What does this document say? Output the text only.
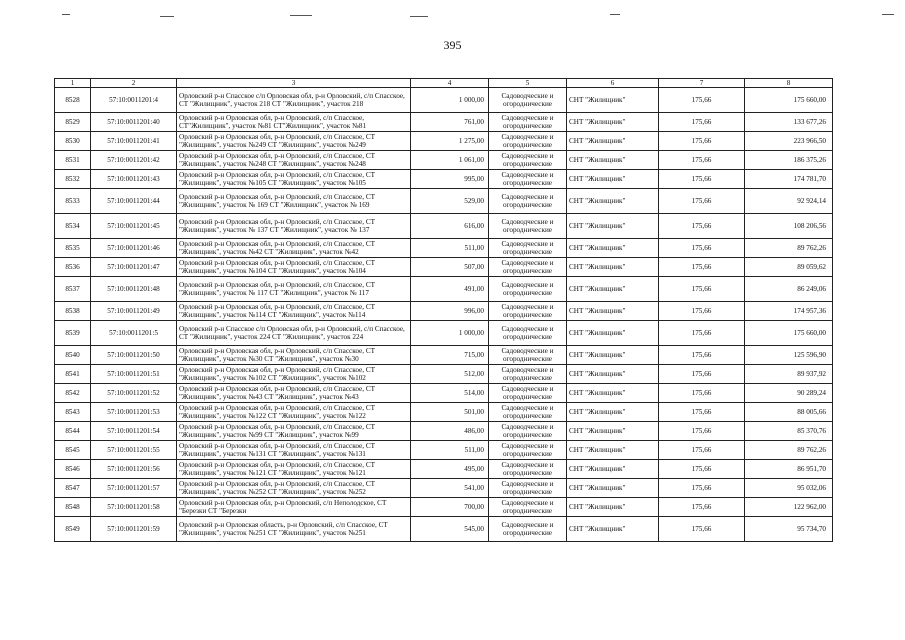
395
1	2	3	4	5	6	7	8
8528	57:10:0011201:4	Орловский р-н Спасское с/п Орловская обл, р-н Орловский, с/п Спасское, СТ "Жилищник", участок 218 СТ "Жилищник", участок 218	1 000,00	Садоводческие и огороднические	СНТ "Жилищник"	175,66	175 660,00
8529	57:10:0011201:40	Орловский р-н Орловская обл, р-н Орловский, с/п Спасское, СТ"Жилищник", участок №81 СТ"Жилищник", участок №81	761,00	Садоводческие и огороднические	СНТ "Жилищник"	175,66	133 677,26
8530	57:10:0011201:41	Орловский р-н Орловская обл, р-н Орловский, с/п Спасское, СТ "Жилищник", участок №249 СТ "Жилищник", участок №249	1 275,00	Садоводческие и огороднические	СНТ "Жилищник"	175,66	223 966,50
8531	57:10:0011201:42	Орловский р-н Орловская обл, р-н Орловский, с/п Спасское, СТ "Жилищник", участок №248 СТ "Жилищник", участок №248	1 061,00	Садоводческие и огороднические	СНТ "Жилищник"	175,66	186 375,26
8532	57:10:0011201:43	Орловский р-н Орловская обл, р-н Орловский, с/п Спасское, СТ "Жилищник", участок №105 СТ "Жилищник", участок №105	995,00	Садоводческие и огороднические	СНТ "Жилищник"	175,66	174 781,70
8533	57:10:0011201:44	Орловский р-н Орловская обл, р-н Орловский, с/п Спасское, СТ "Жилищник", участок № 169 СТ "Жилищник", участок № 169	529,00	Садоводческие и огороднические	СНТ "Жилищник"	175,66	92 924,14
8534	57:10:0011201:45	Орловский р-н Орловская обл, р-н Орловский, с/п Спасское, СТ "Жилищник", участок № 137 СТ "Жилищник", участок № 137	616,00	Садоводческие и огороднические	СНТ "Жилищник"	175,66	108 206,56
8535	57:10:0011201:46	Орловский р-н Орловская обл, р-н Орловский, с/п Спасское, СТ "Жилищник", участок №42 СТ "Жилищник", участок №42	511,00	Садоводческие и огороднические	СНТ "Жилищник"	175,66	89 762,26
8536	57:10:0011201:47	Орловский р-н Орловская обл, р-н Орловский, с/п Спасское, СТ "Жилищник", участок №104 СТ "Жилищник", участок №104	507,00	Садоводческие и огороднические	СНТ "Жилищник"	175,66	89 059,62
8537	57:10:0011201:48	Орловский р-н Орловская обл, р-н Орловский, с/п Спасское, СТ "Жилищник", участок № 117 СТ "Жилищник", участок № 117	491,00	Садоводческие и огороднические	СНТ "Жилищник"	175,66	86 249,06
8538	57:10:0011201:49	Орловский р-н Орловская обл, р-н Орловский, с/п Спасское, СТ "Жилищник", участок №114 СТ "Жилищник", участок №114	996,00	Садоводческие и огороднические	СНТ "Жилищник"	175,66	174 957,36
8539	57:10:0011201:5	Орловский р-н Спасское с/п Орловская обл, р-н Орловский, с/п Спасское, СТ "Жилищник", участок 224 СТ "Жилищник", участок 224	1 000,00	Садоводческие и огороднические	СНТ "Жилищник"	175,66	175 660,00
8540	57:10:0011201:50	Орловский р-н Орловская обл, р-н Орловский, с/п Спасское, СТ "Жилищник", участок №30 СТ "Жилищник", участок №30	715,00	Садоводческие и огороднические	СНТ "Жилищник"	175,66	125 596,90
8541	57:10:0011201:51	Орловский р-н Орловская обл, р-н Орловский, с/п Спасское, СТ "Жилищник", участок №102 СТ "Жилищник", участок №102	512,00	Садоводческие и огороднические	СНТ "Жилищник"	175,66	89 937,92
8542	57:10:0011201:52	Орловский р-н Орловская обл, р-н Орловский, с/п Спасское, СТ "Жилищник", участок №43 СТ "Жилищник", участок №43	514,00	Садоводческие и огороднические	СНТ "Жилищник"	175,66	90 289,24
8543	57:10:0011201:53	Орловский р-н Орловская обл, р-н Орловский, с/п Спасское, СТ "Жилищник", участок №122 СТ "Жилищник", участок №122	501,00	Садоводческие и огороднические	СНТ "Жилищник"	175,66	88 005,66
8544	57:10:0011201:54	Орловский р-н Орловская обл, р-н Орловский, с/п Спасское, СТ "Жилищник", участок №99 СТ "Жилищник", участок №99	486,00	Садоводческие и огороднические	СНТ "Жилищник"	175,66	85 370,76
8545	57:10:0011201:55	Орловский р-н Орловская обл, р-н Орловский, с/п Спасское, СТ "Жилищник", участок №131 СТ "Жилищник", участок №131	511,00	Садоводческие и огороднические	СНТ "Жилищник"	175,66	89 762,26
8546	57:10:0011201:56	Орловский р-н Орловская обл, р-н Орловский, с/п Спасское, СТ "Жилищник", участок №121 СТ "Жилищник", участок №121	495,00	Садоводческие и огороднические	СНТ "Жилищник"	175,66	86 951,70
8547	57:10:0011201:57	Орловский р-н Орловская обл, р-н Орловский, с/п Спасское, СТ "Жилищник", участок №252 СТ "Жилищник", участок №252	541,00	Садоводческие и огороднические	СНТ "Жилищник"	175,66	95 032,06
8548	57:10:0011201:58	Орловский р-н Орловская обл, р-н Орловский, с/п Неполодское, СТ "Березки СТ "Березки	700,00	Садоводческие и огороднические	СНТ "Жилищник"	175,66	122 962,00
8549	57:10:0011201:59	Орловский р-н Орловская область, р-н Орловский, с/п Спасское, СТ "Жилищник", участок №251 СТ "Жилищник", участок №251	545,00	Садоводческие и огороднические	СНТ "Жилищник"	175,66	95 734,70
